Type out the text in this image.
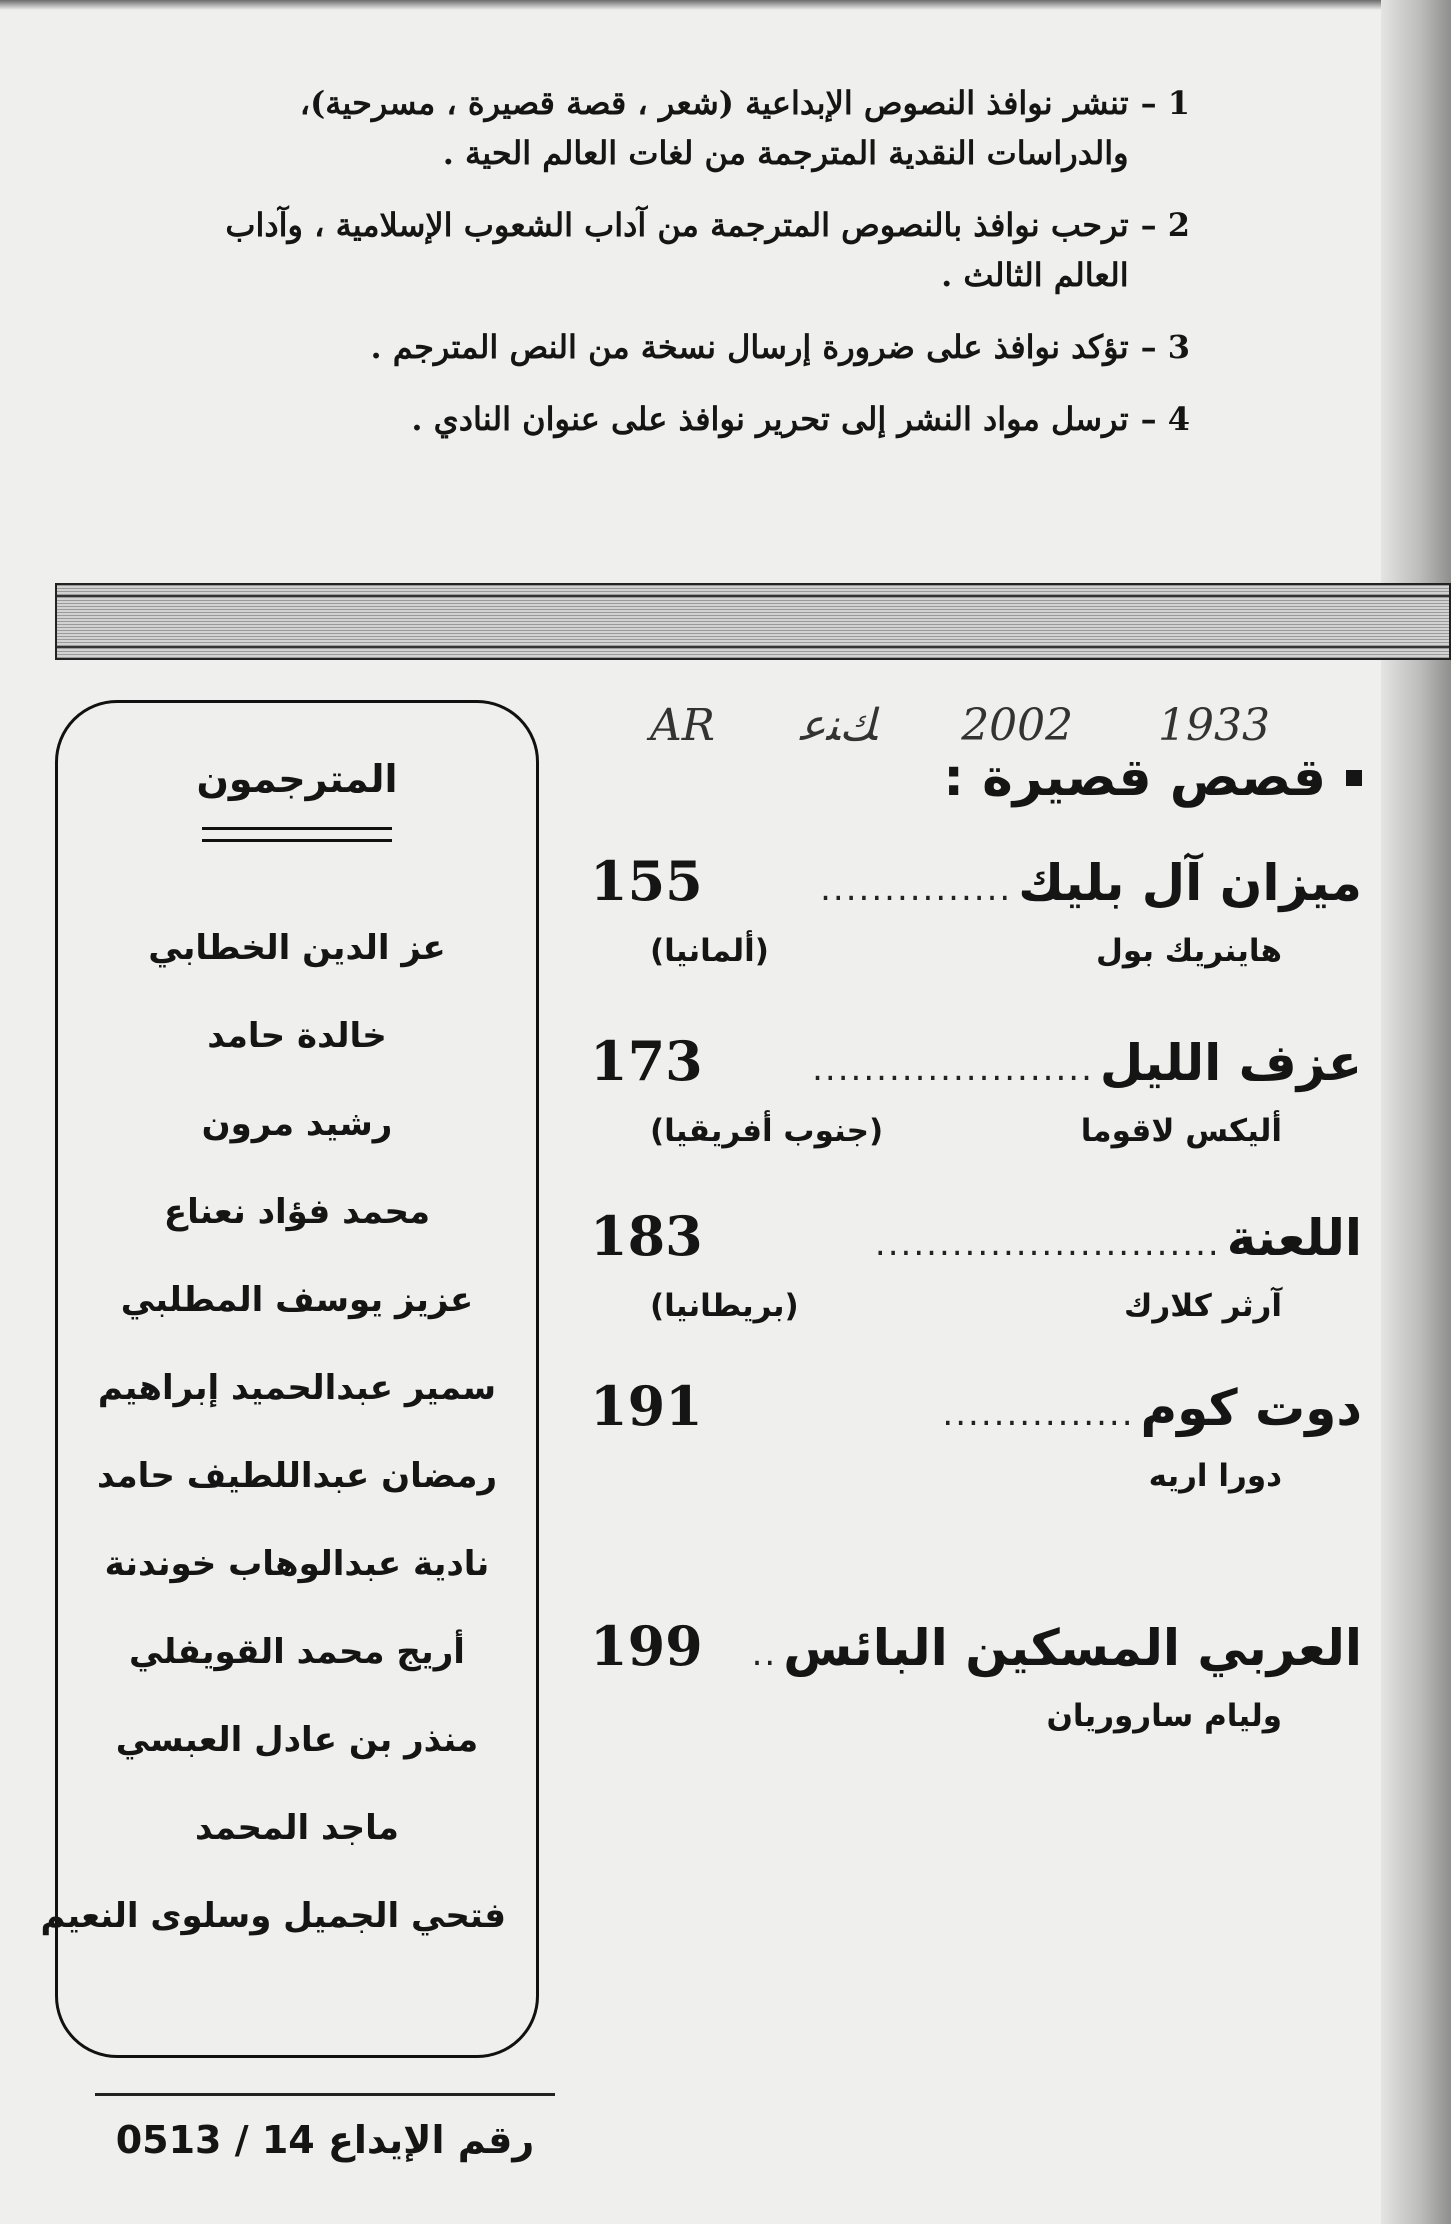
1 –
تنشر نوافذ النصوص الإبداعية (شعر ، قصة قصيرة ، مسرحية)، والدراسات النقدية المترجمة من لغات العالم الحية .
2 –
ترحب نوافذ بالنصوص المترجمة من آداب الشعوب الإسلامية ، وآداب العالم الثالث .
3 –
تؤكد نوافذ على ضرورة إرسال نسخة من النص المترجم .
4 –
ترسل مواد النشر إلى تحرير نوافذ على عنوان النادي .
AR ﻚﻨﻋ 2002 1933
قصص قصيرة :
ميزان آل بليك
...............
155
هاينريك بول
(ألمانيا)
عزف الليل
......................
173
أليكس لاقوما
(جنوب أفريقيا)
اللعنة
...........................
183
آرثر كلارك
(بريطانيا)
دوت كوم
...............
191
دورا اريه
العربي المسكين البائس
..
199
وليام ساروريان
المترجمون
عز الدين الخطابي
خالدة حامد
رشيد مرون
محمد فؤاد نعناع
عزيز يوسف المطلبي
سمير عبدالحميد إبراهيم
رمضان عبداللطيف حامد
نادية عبدالوهاب خوندنة
أريج محمد القويفلي
منذر بن عادل العبسي
ماجد المحمد
فتحي الجميل وسلوى النعيم
رقم الإيداع 14 / 0513
